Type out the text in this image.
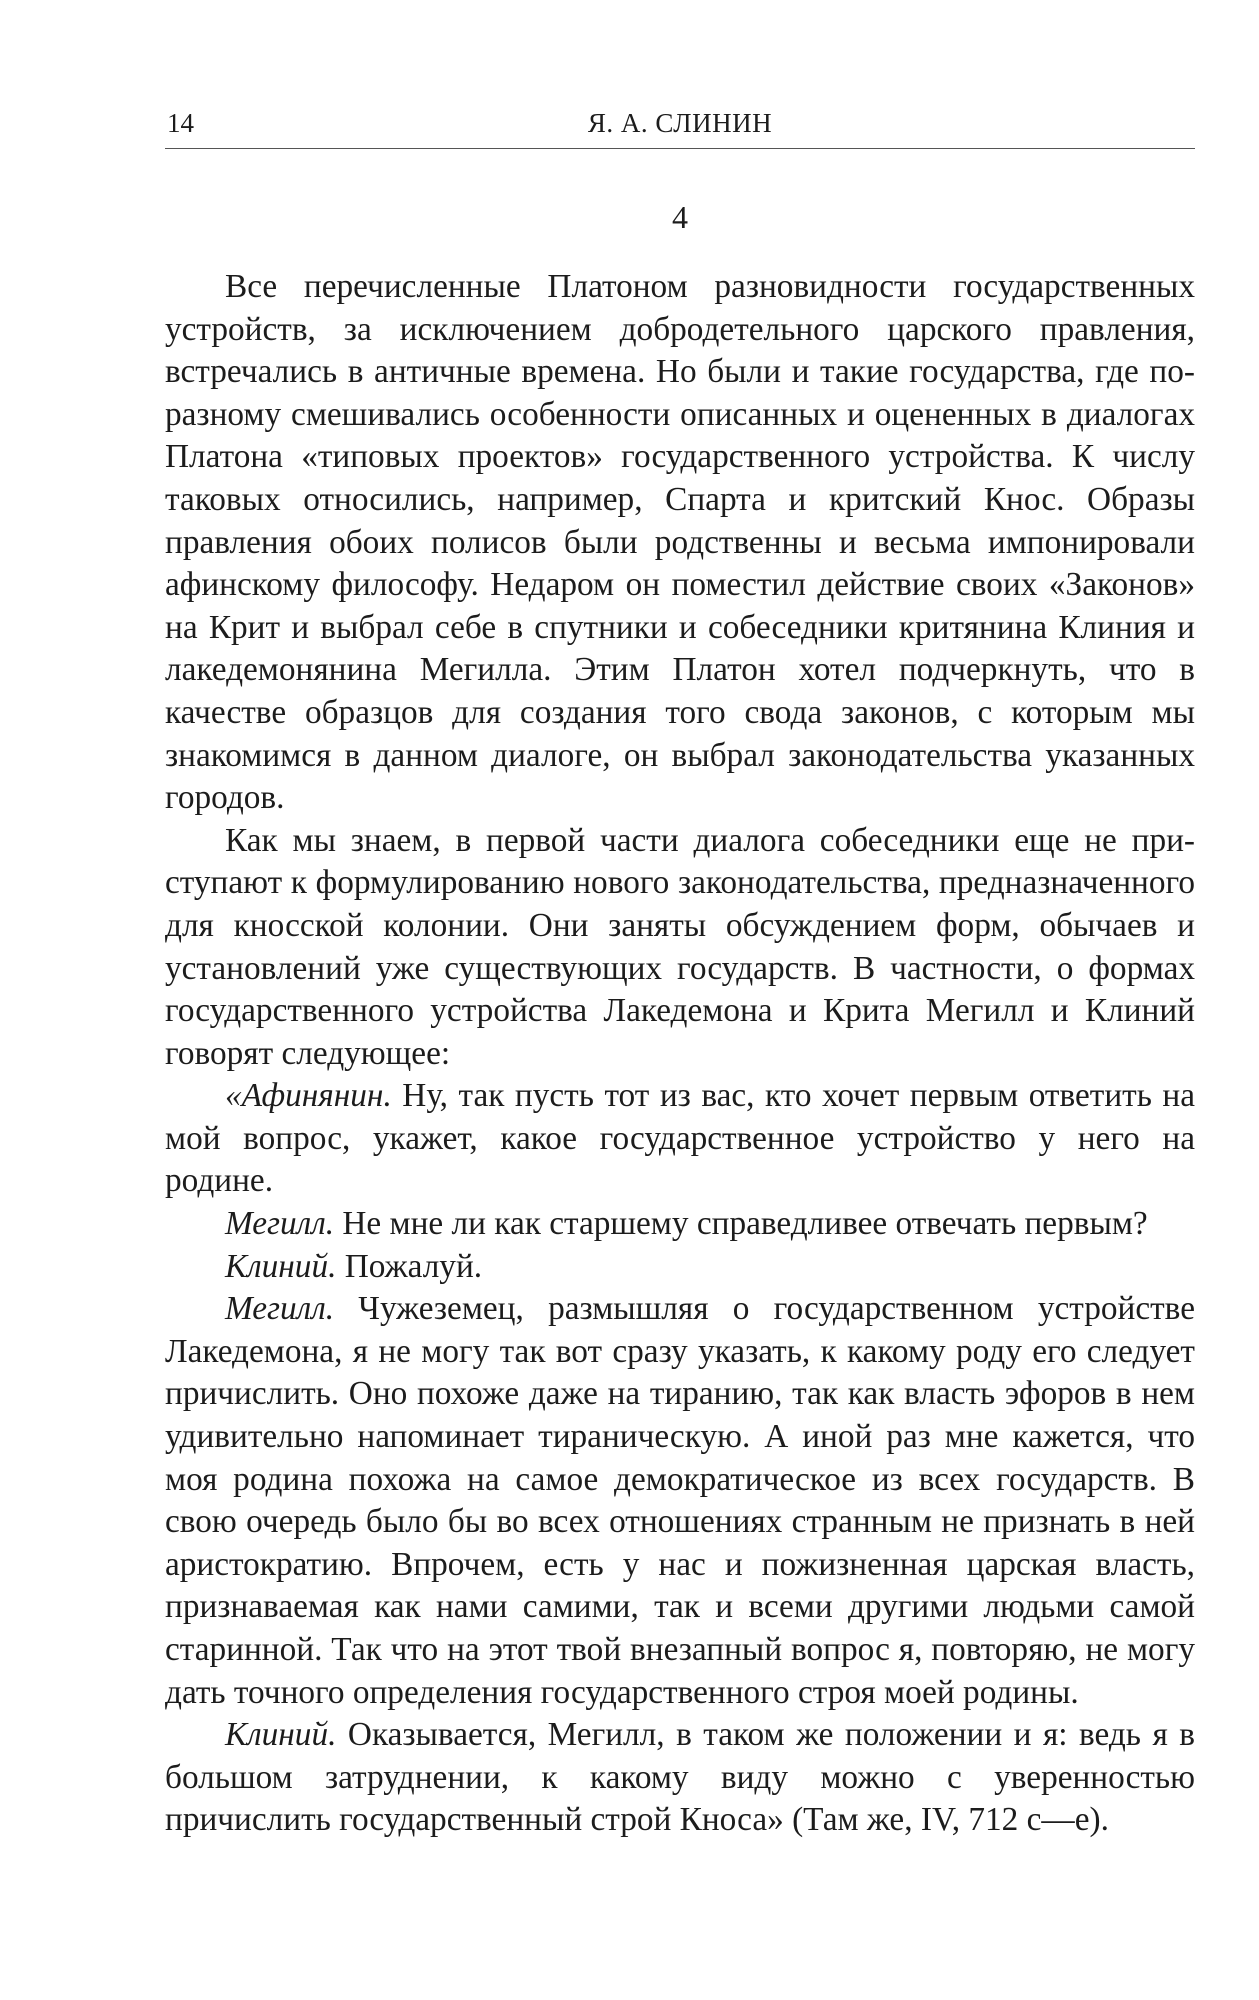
14	Я. А. СЛИНИН
4

Все перечисленные Платоном разновидности государственных устройств, за исключением добродетельного царского правления, встречались в античные времена. Но были и такие государства, где по-разному смешивались особенности описанных и оцененных в диалогах Платона «типовых проектов» государственного устройства. К числу таковых относились, например, Спарта и критский Кнос. Образы правления обоих полисов были родственны и весьма импонировали афинскому философу. Недаром он поместил действие своих «Законов» на Крит и выбрал себе в спутники и собеседники критянина Клиния и лакедемонянина Мегилла. Этим Платон хотел подчеркнуть, что в качестве образцов для создания того свода законов, с которым мы знакомимся в данном диалоге, он выбрал законодательства указанных городов.

Как мы знаем, в первой части диалога собеседники еще не приступают к формулированию нового законодательства, предназначенного для кносской колонии. Они заняты обсуждением форм, обычаев и установлений уже существующих государств. В частности, о формах государственного устройства Лакедемона и Крита Мегилл и Клиний говорят следующее:

«Афинянин. Ну, так пусть тот из вас, кто хочет первым ответить на мой вопрос, укажет, какое государственное устройство у него на родине.

Мегилл. Не мне ли как старшему справедливее отвечать первым?

Клиний. Пожалуй.

Мегилл. Чужеземец, размышляя о государственном устройстве Лакедемона, я не могу так вот сразу указать, к какому роду его следует причислить. Оно похоже даже на тиранию, так как власть эфоров в нем удивительно напоминает тираническую. А иной раз мне кажется, что моя родина похожа на самое демократическое из всех государств. В свою очередь было бы во всех отношениях странным не признать в ней аристократию. Впрочем, есть у нас и пожизненная царская власть, признаваемая как нами самими, так и всеми другими людьми самой старинной. Так что на этот твой внезапный вопрос я, повторяю, не могу дать точного определения государственного строя моей родины.

Клиний. Оказывается, Мегилл, в таком же положении и я: ведь я в большом затруднении, к какому виду можно с уверенностью причислить государственный строй Кноса» (Там же, IV, 712 с—е).
